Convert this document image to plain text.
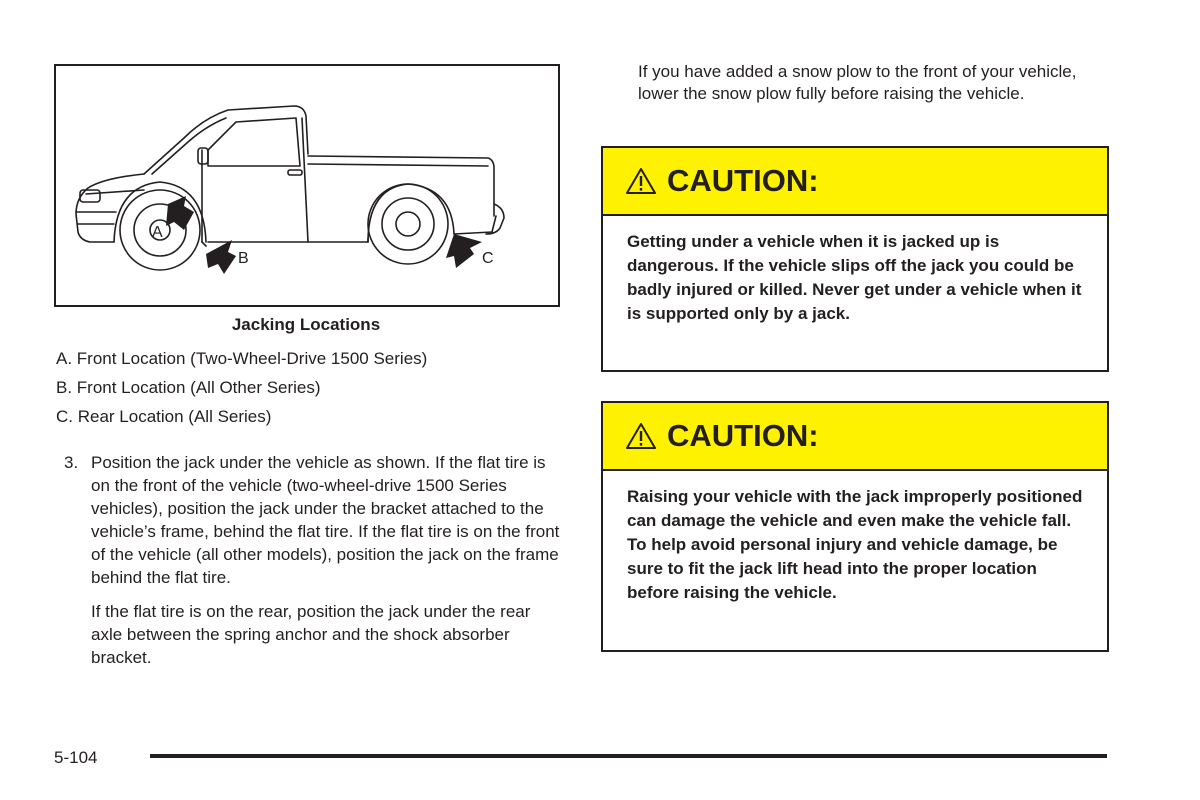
A
B	C
Jacking Locations
A. Front Location (Two-Wheel-Drive 1500 Series)
B. Front Location (All Other Series)
C. Rear Location (All Series)
3. Position the jack under the vehicle as shown. If the flat tire is on the front of the vehicle (two-wheel-drive 1500 Series vehicles), position the jack under the bracket attached to the vehicle’s frame, behind the flat tire. If the flat tire is on the front of the vehicle (all other models), position the jack on the frame behind the flat tire.
If the flat tire is on the rear, position the jack under the rear axle between the spring anchor and the shock absorber bracket.
If you have added a snow plow to the front of your vehicle, lower the snow plow fully before raising the vehicle.
CAUTION:
Getting under a vehicle when it is jacked up is dangerous. If the vehicle slips off the jack you could be badly injured or killed. Never get under a vehicle when it is supported only by a jack.
CAUTION:
Raising your vehicle with the jack improperly positioned can damage the vehicle and even make the vehicle fall. To help avoid personal injury and vehicle damage, be sure to fit the jack lift head into the proper location before raising the vehicle.
5-104
